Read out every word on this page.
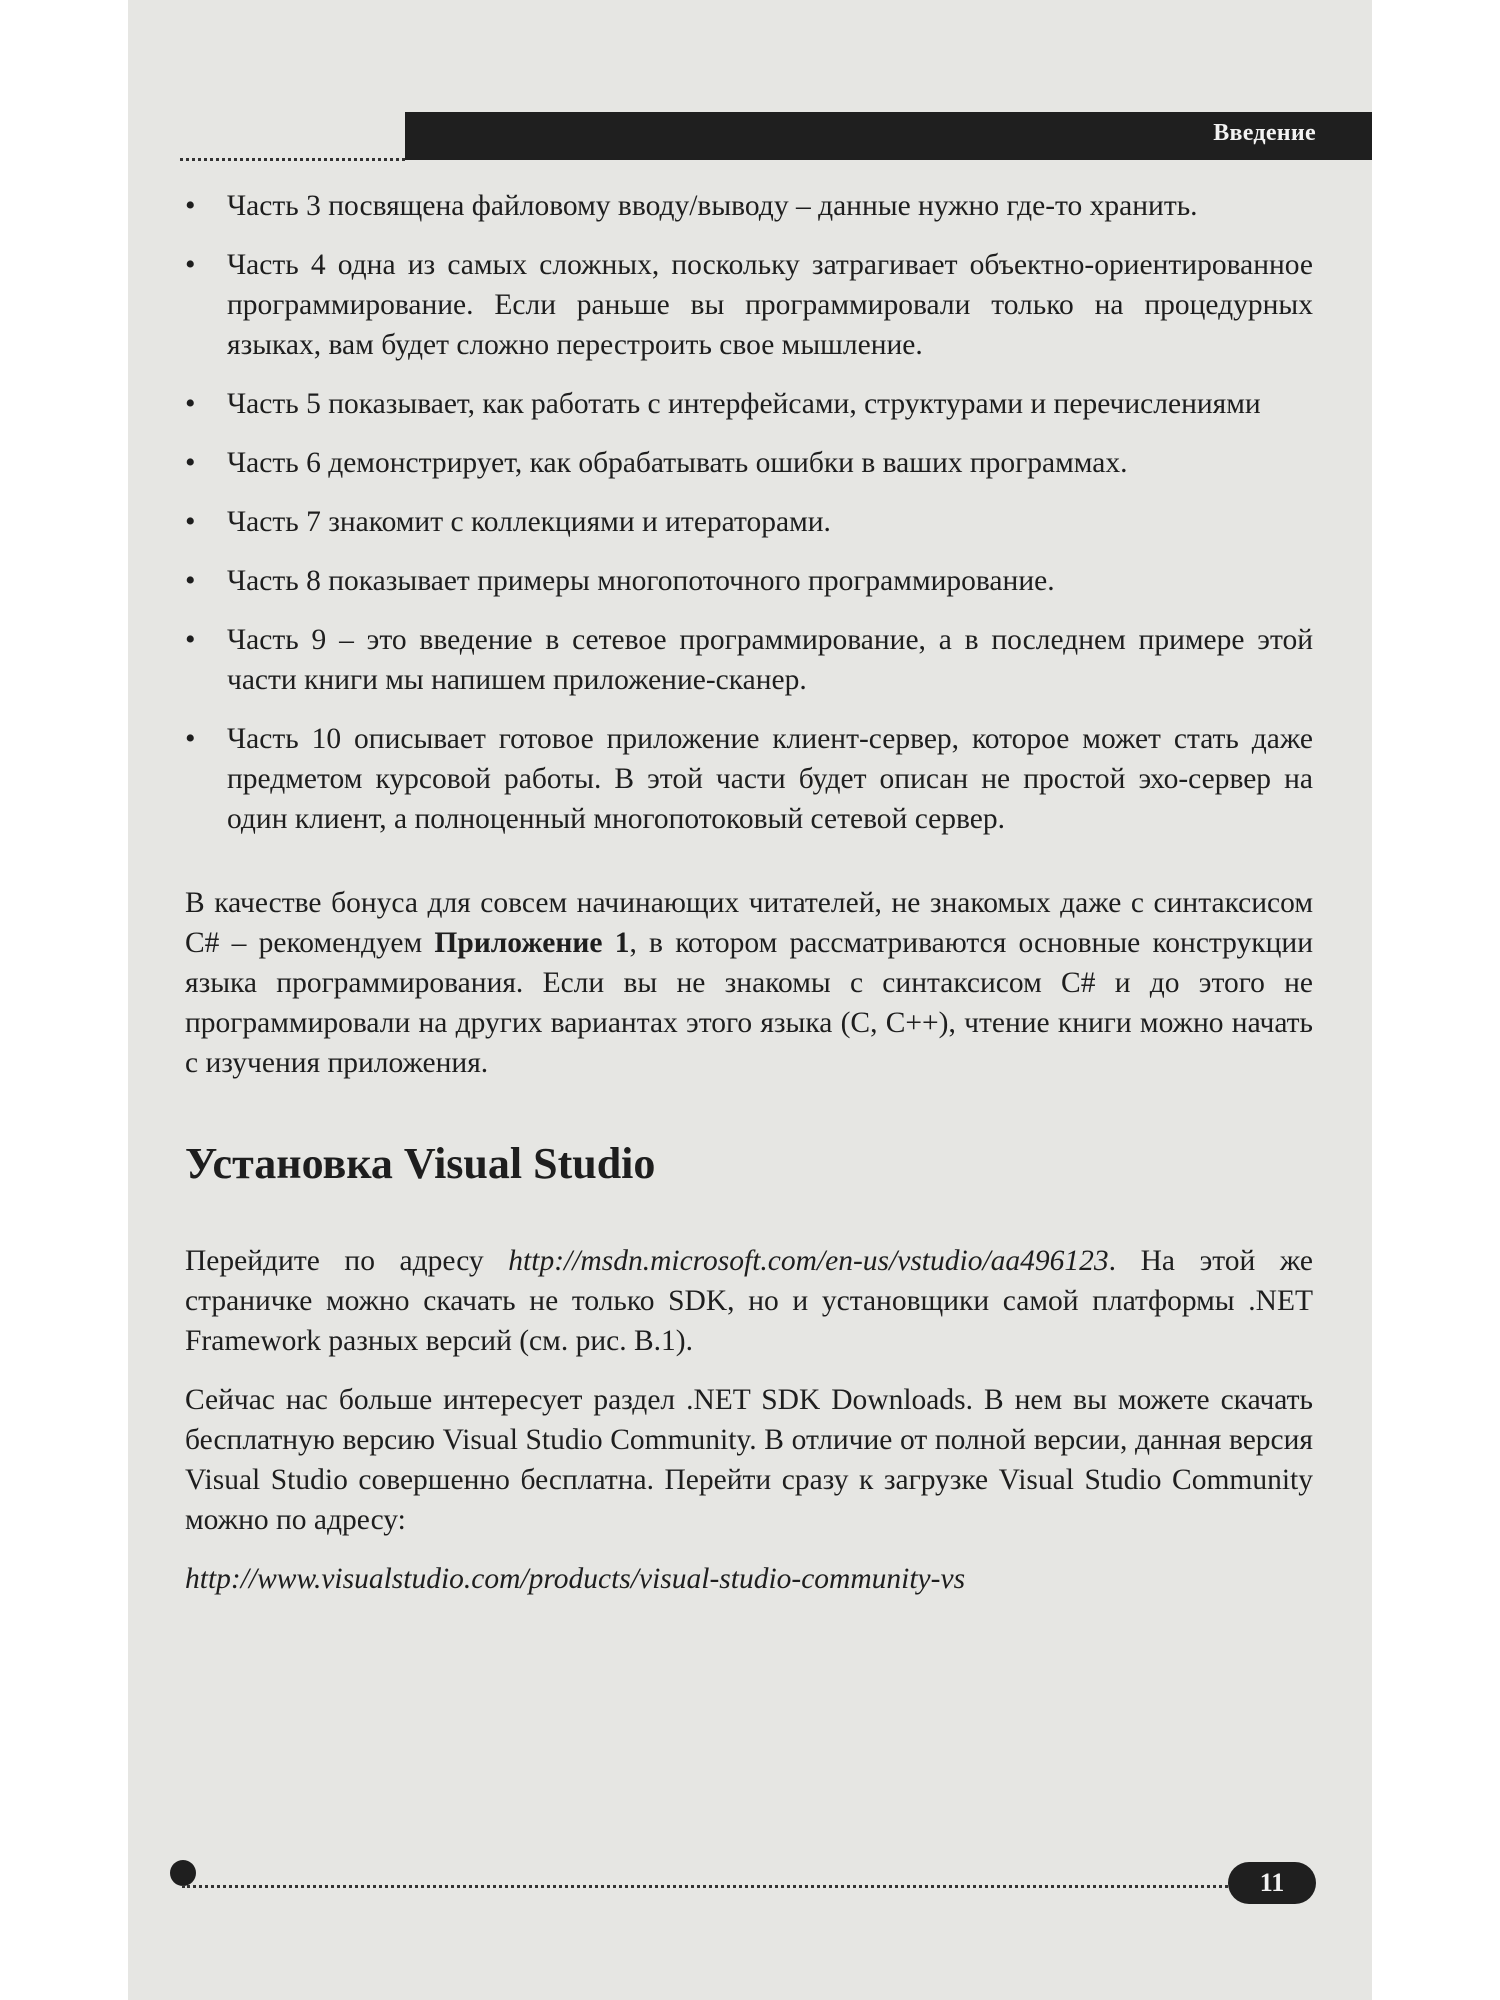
Введение
• Часть 3 посвящена файловому вводу/выводу – данные нужно где-то хранить.
• Часть 4 одна из самых сложных, поскольку затрагивает объектно-ориентированное программирование. Если раньше вы программировали только на процедурных языках, вам будет сложно перестроить свое мышление.
• Часть 5 показывает, как работать с интерфейсами, структурами и перечислениями
• Часть 6 демонстрирует, как обрабатывать ошибки в ваших программах.
• Часть 7 знакомит с коллекциями и итераторами.
• Часть 8 показывает примеры многопоточного программирование.
• Часть 9 – это введение в сетевое программирование, а в последнем примере этой части книги мы напишем приложение-сканер.
• Часть 10 описывает готовое приложение клиент-сервер, которое может стать даже предметом курсовой работы. В этой части будет описан не простой эхо-сервер на один клиент, а полноценный многопотоковый сетевой сервер.

В качестве бонуса для совсем начинающих читателей, не знакомых даже с синтаксисом C# – рекомендуем Приложение 1, в котором рассматриваются основные конструкции языка программирования. Если вы не знакомы с синтаксисом C# и до этого не программировали на других вариантах этого языка (C, C++), чтение книги можно начать с изучения приложения.

Установка Visual Studio

Перейдите по адресу http://msdn.microsoft.com/en-us/vstudio/aa496123. На этой же страничке можно скачать не только SDK, но и установщики самой платформы .NET Framework разных версий (см. рис. В.1).

Сейчас нас больше интересует раздел .NET SDK Downloads. В нем вы можете скачать бесплатную версию Visual Studio Community. В отличие от полной версии, данная версия Visual Studio совершенно бесплатна. Перейти сразу к загрузке Visual Studio Community можно по адресу:

http://www.visualstudio.com/products/visual-studio-community-vs

11
